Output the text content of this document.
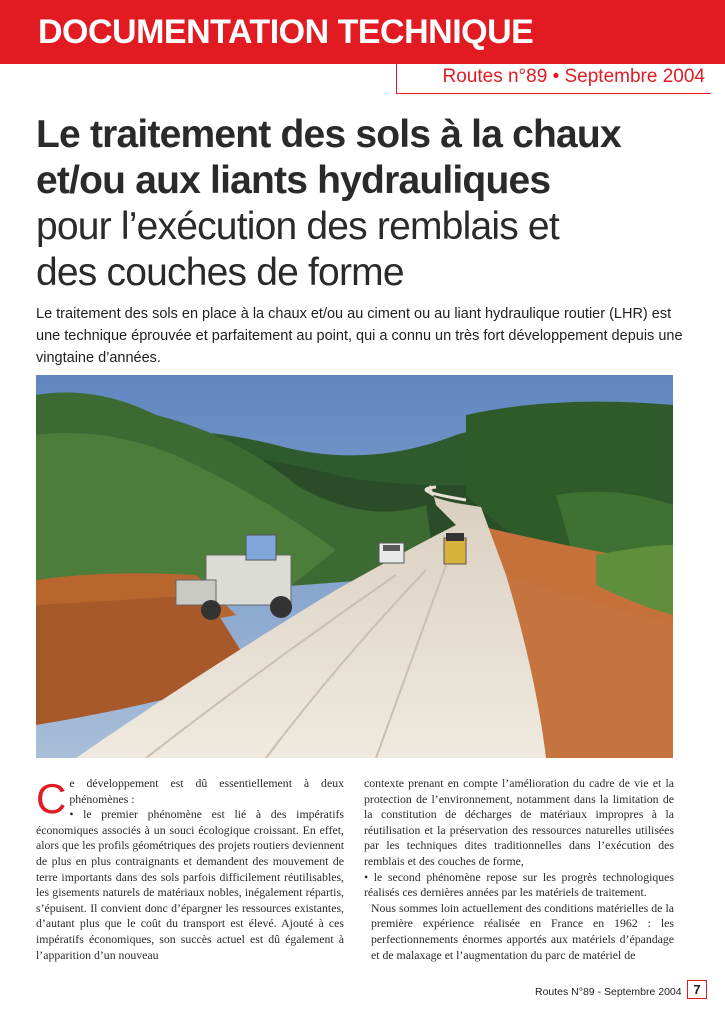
DOCUMENTATION TECHNIQUE
Routes n°89 • Septembre 2004
Le traitement des sols à la chaux
et/ou aux liants hydrauliques
pour l’exécution des remblais et
des couches de forme
Le traitement des sols en place à la chaux et/ou au ciment ou au liant hydraulique routier (LHR) est une technique éprouvée et parfaitement au point, qui a connu un très fort développement depuis une vingtaine d’années.

Ce développement est dû essentiellement à deux phénomènes :
• le premier phénomène est lié à des impératifs économiques associés à un souci écologique croissant. En effet, alors que les profils géométriques des projets routiers deviennent de plus en plus contraignants et demandent des mouvement de terre importants dans des sols parfois difficilement réutilisables, les gisements naturels de matériaux nobles, inégalement répartis, s’épuisent. Il convient donc d’épargner les ressources existantes, d’autant plus que le coût du transport est élevé. Ajouté à ces impératifs économiques, son succès actuel est dû également à l’apparition d’un nouveau

contexte prenant en compte l’amélioration du cadre de vie et la protection de l’environnement, notamment dans la limitation de la constitution de décharges de matériaux impropres à la réutilisation et la préservation des ressources naturelles utilisées par les techniques dites traditionnelles dans l’exécution des remblais et des couches de forme,

• le second phénomène repose sur les progrès technologiques réalisés ces dernières années par les matériels de traitement.

Nous sommes loin actuellement des conditions matérielles de la première expérience réalisée en France en 1962 : les perfectionnements énormes apportés aux matériels d’épandage et de malaxage et l’augmentation du parc de matériel de

Routes N°89 - Septembre 2004 7
